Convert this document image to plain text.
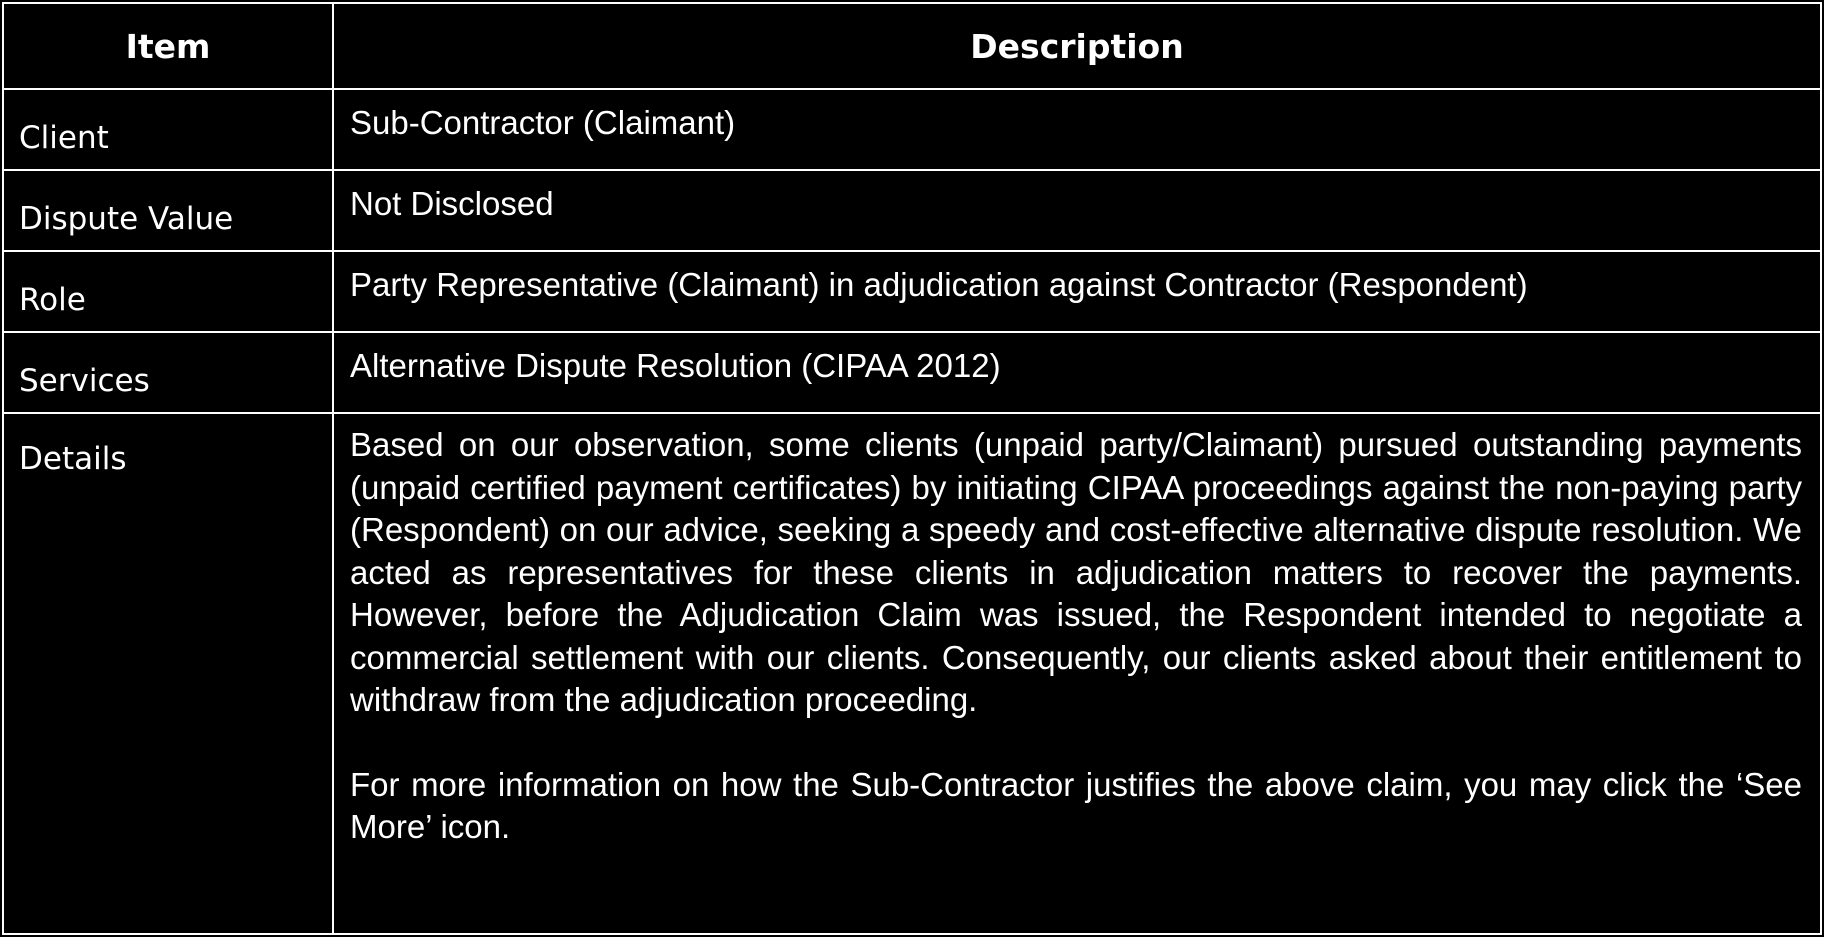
Item	Description
Client	Sub-Contractor (Claimant)
Dispute Value	Not Disclosed
Role	Party Representative (Claimant) in adjudication against Contractor (Respondent)
Services	Alternative Dispute Resolution (CIPAA 2012)
Details	Based on our observation, some clients (unpaid party/Claimant) pursued outstanding payments (unpaid certified payment certificates) by initiating CIPAA proceedings against the non-paying party (Respondent) on our advice, seeking a speedy and cost-effective alternative dispute resolution. We acted as representatives for these clients in adjudication matters to recover the payments. However, before the Adjudication Claim was issued, the Respondent intended to negotiate a commercial settlement with our clients. Consequently, our clients asked about their entitlement to withdraw from the adjudication proceeding.

For more information on how the Sub-Contractor justifies the above claim, you may click the ‘See More’ icon.
